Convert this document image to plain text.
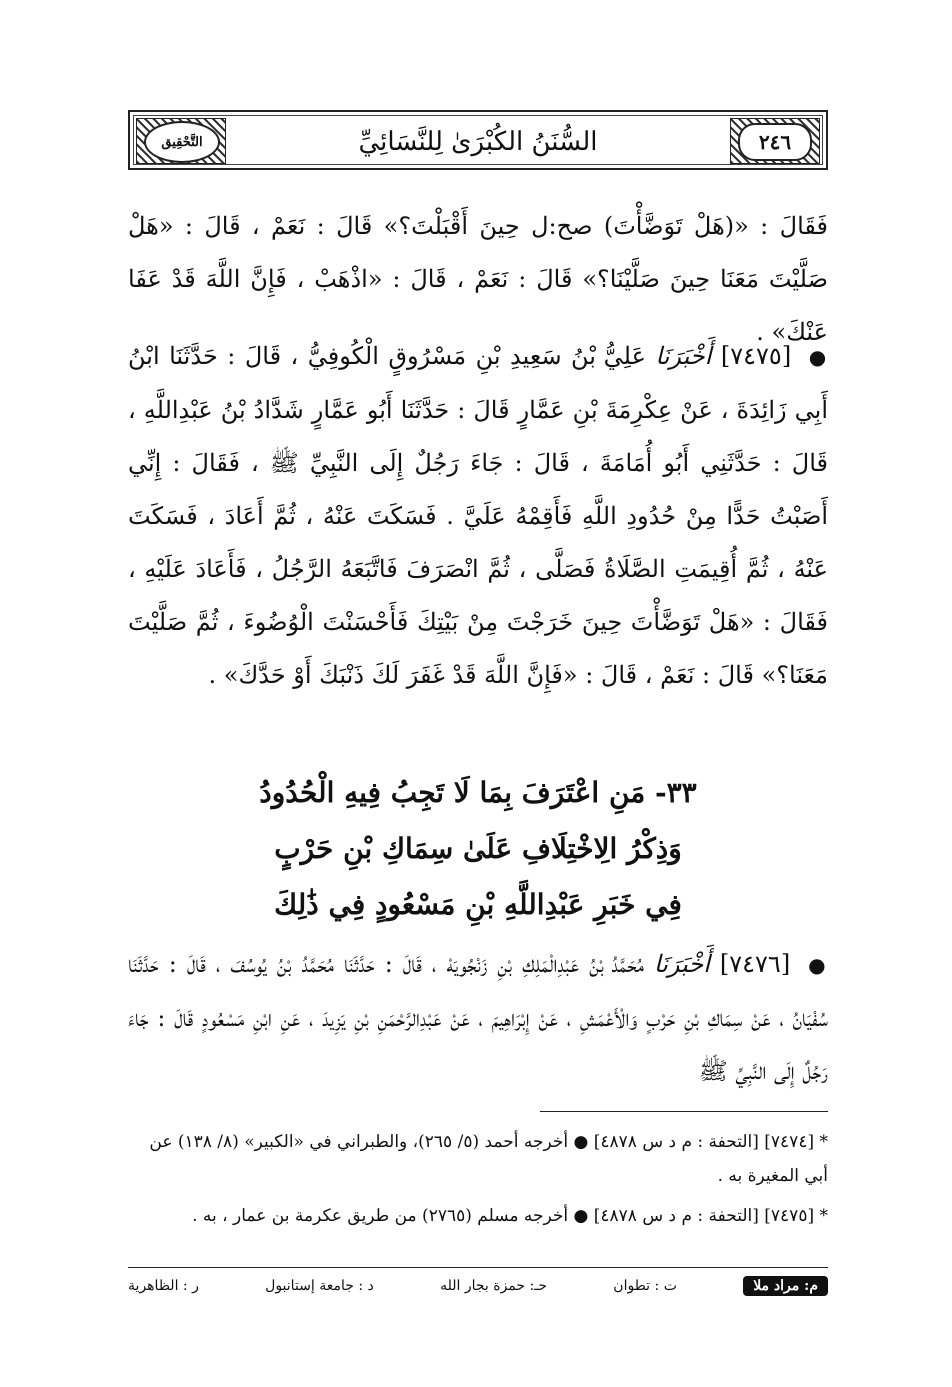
التَّحْقِيق	السُّنَنُ الكُبْرَىٰ لِلنَّسَائِيِّ	٢٤٦

فَقَالَ : «(هَلْ تَوَضَّأْتَ) صح:ل حِينَ أَقْبَلْتَ؟» قَالَ : نَعَمْ ، قَالَ : «هَلْ صَلَّيْتَ مَعَنَا حِينَ صَلَّيْنَا؟» قَالَ : نَعَمْ ، قَالَ : «اذْهَبْ ، فَإِنَّ اللَّهَ قَدْ عَفَا عَنْكَ» .

● [٧٤٧٥] أَخْبَرَنَا عَلِيُّ بْنُ سَعِيدِ بْنِ مَسْرُوقٍ الْكُوفِيُّ ، قَالَ : حَدَّثَنَا ابْنُ أَبِي زَائِدَةَ ، عَنْ عِكْرِمَةَ بْنِ عَمَّارٍ قَالَ : حَدَّثَنَا أَبُو عَمَّارٍ شَدَّادُ بْنُ عَبْدِاللَّهِ ، قَالَ : حَدَّثَنِي أَبُو أُمَامَةَ ، قَالَ : جَاءَ رَجُلٌ إِلَى النَّبِيِّ ﷺ ، فَقَالَ : إِنِّي أَصَبْتُ حَدًّا مِنْ حُدُودِ اللَّهِ فَأَقِمْهُ عَلَيَّ . فَسَكَتَ عَنْهُ ، ثُمَّ أَعَادَ ، فَسَكَتَ عَنْهُ ، ثُمَّ أُقِيمَتِ الصَّلَاةُ فَصَلَّى ، ثُمَّ انْصَرَفَ فَاتَّبَعَهُ الرَّجُلُ ، فَأَعَادَ عَلَيْهِ ، فَقَالَ : «هَلْ تَوَضَّأْتَ حِينَ خَرَجْتَ مِنْ بَيْتِكَ فَأَحْسَنْتَ الْوُضُوءَ ، ثُمَّ صَلَّيْتَ مَعَنَا؟» قَالَ : نَعَمْ ، قَالَ : «فَإِنَّ اللَّهَ قَدْ غَفَرَ لَكَ ذَنْبَكَ أَوْ حَدَّكَ» .

٣٣- مَنِ اعْتَرَفَ بِمَا لَا تَجِبُ فِيهِ الْحُدُودُ
وَذِكْرُ الِاخْتِلَافِ عَلَىٰ سِمَاكِ بْنِ حَرْبٍ
فِي خَبَرِ عَبْدِاللَّهِ بْنِ مَسْعُودٍ فِي ذَٰلِكَ

● [٧٤٧٦] أَخْبَرَنَا مُحَمَّدُ بْنُ عَبْدِالْمَلِكِ بْنِ زَنْجُويَهْ ، قَالَ : حَدَّثَنَا مُحَمَّدُ بْنُ يُوسُفَ ، قَالَ : حَدَّثَنَا سُفْيَانُ ، عَنْ سِمَاكِ بْنِ حَرْبٍ وَالْأَعْمَشِ ، عَنْ إِبْرَاهِيمَ ، عَنْ عَبْدِالرَّحْمَنِ بْنِ يَزِيدَ ، عَنِ ابْنِ مَسْعُودٍ قَالَ : جَاءَ رَجُلٌ إِلَى النَّبِيِّ ﷺ

* [٧٤٧٤] [التحفة : م د س ٤٨٧٨] ● أخرجه أحمد (٥/ ٢٦٥)، والطبراني في «الكبير» (٨/ ١٣٨) عن أبي المغيرة به .

* [٧٤٧٥] [التحفة : م د س ٤٨٧٨] ● أخرجه مسلم (٢٧٦٥) من طريق عكرمة بن عمار ، به .

م: مراد ملا
ت : تطوان
حـ: حمزة بجار الله
د : جامعة إستانبول
ر : الظاهرية
